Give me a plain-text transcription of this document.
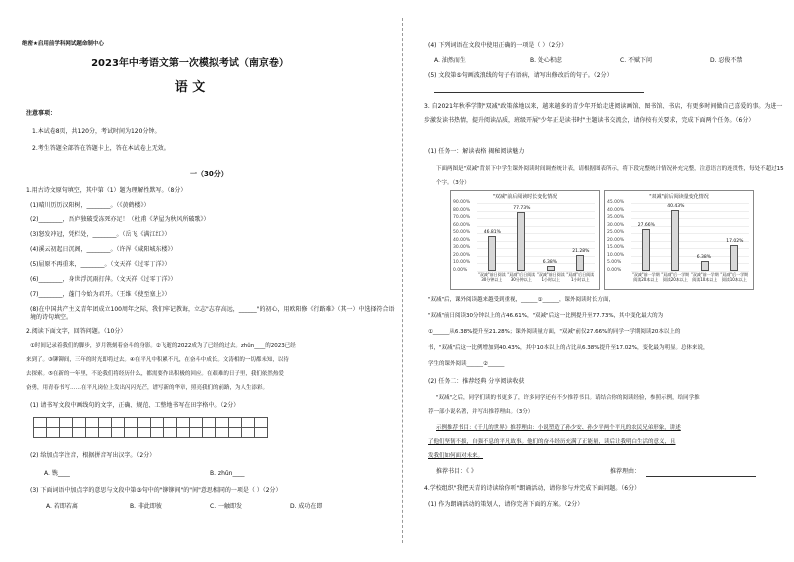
绝密★启用前学科网试题命制中心
2023年中考语文第一次模拟考试（南京卷）
语 文
注意事项：
1.本试卷8页，共120分，考试时间为120分钟。
2.考生答题全部答在答题卡上，答在本试卷上无效。
一（30分）
1.用古诗文原句填空，其中第（1）题为理解性默写。（8分）
(1)晴川历历汉阳树，________。（《黄鹤楼》）
(2)________，吾庐独破受冻死亦足！（杜甫《茅屋为秋风所破歌》）
(3)怒发冲冠，凭栏处，________。（岳飞《满江红》）
(4)溪云初起日沉阁，________。（许浑《咸阳城东楼》）
(5)屈原不再重来，________。（文天祥《过零丁洋》）
(6)________，身世浮沉雨打萍。（文天祥《过零丁洋》）
(7)________，蓬门今始为君开。（王维《使至塞上》）
(8)在中国共产主义青年团成立100周年之际，我们牢记教诲，立志"志存高远，______"的初心，用欧阳修《行路难》（其一）中选择符合语境的诗句填空。
2.阅读下面文字，回答问题。（10分）
①时间记录着我们的脚步，岁月镌刻着奋斗的身影。②飞逝的2022成为了已经的过去。zhǔn____的2023已经
来到了。③铆铆间，三年的时光即将过去。④在平凡中积累不凡，在奋斗中成长。文涛相的一切都未知，以待
去探索。⑤在新的一年里，不论我们将经历什么，都需要作出积极的回应。在艰难的日子里，我们依然热爱
奋勇，用青春书写……在平凡岗位上发出闪闪光芒，谱写新的华章，照亮我们的前路，为人生添彩。
(1) 请书写文段中画线句的文字，正确、规范、工整地书写在田字格中。（2分）
(2) 给加点字注音，根据拼音写出汉字。（2分）
A. 镌____	B. zhǔn____
(3) 下面词语中加点字的意思与文段中第③句中的"铆铆间"的"间"意思相同的一项是（ ）（2分）
A. 若即若离	B. 非此即彼	C. 一触即发	D. 成功在即
(4) 下列词语在文段中使用正确的一项是（ ）（2分）
A. 油然而生	B. 处心积虑	C. 不赋下问	D. 忍俊不禁
(5) 文段第⑤句画波浪线的句子有语病，请写出修改后的句子。（2分）
3. 自2021年秋季学期"双减"政策落地以来，越来越多的青少年开始走进阅读画馆、图书馆、书店，有更多时间做自己喜爱的事。为进一步激发读书热情，提升阅读品质，班级开展"少年正是读书时"主题读书交流会，请你按有关要求，完成下面两个任务。（6分）
(1) 任务一：解读表格 揭秘阅读魅力
下面两图是"双减"背景下中学生课外阅读时间调查统计表，请根据图表所示，将下段完整统计情况补充完整，注意语言的连贯性，每处不超过15个字。（3分）
"双减"前后阅读时长变化情况
0.00%
10.00%
20.00%
30.00%
40.00%
50.00%
60.00%
70.00%
80.00%
90.00%
46.81%
"双减"前日阅读30分钟以上
77.73%
"双减"后日阅读30分钟以上
6.38%
"双减"前日阅读1小时以上
21.28%
"双减"后日阅读1小时以上
"双减"前后阅读量变化情况
0.00%
5.00%
10.00%
15.00%
20.00%
25.00%
30.00%
35.00%
40.00%
45.00%
27.66%
"双减"前一学期阅读20本以上
40.43%
"双减"后一学期阅读20本以上
6.38%
"双减"前一学期阅读10本以上
17.02%
"双减"后一学期阅读10本以上
"双减"后，课外阅读越来越受到重视，______①______，课外阅读时长方面，
"双减"前日阅读30分钟以上的占46.61%，"双减"后这一比例提升至77.73%，其中变化最大的为
①______从6.38%提升至21.28%；课外阅读量方面，"双减"前仅27.66%的同学一学期阅读20本以上的
书，"双减"后这一比例增加到40.43%，其中10本以上的占比从6.38%提升至17.02%，变化最为明显。总体来说，
学生的课外阅读______②______
(2) 任务二：推荐经典 分享阅读收获
"双减"之后，同学们读的书更多了，许多同学还有不少推荐书目。请结合你的阅读经验，参照示例，给同学推
荐一部小说名著，并写出推荐理由。（3分）
示例推荐书目：《千儿的世界》推荐理由：小说塑造了孙少安、孙少平两个平凡的农民兄弟形象，讲述
了他们坚韧不拔，自强不息的平凡故事。他们的奋斗经历充满了正能量，读后让我明白生活的意义，且
发我们如何面对未来。
推荐书目：《 》	推荐理由：
4.学校组织"我把天青的诗读给你听"朗诵活动，请你参与并完成下面问题。（6分）
(1) 作为朗诵活动的策划人，请你完善下面的方案。（2分）
